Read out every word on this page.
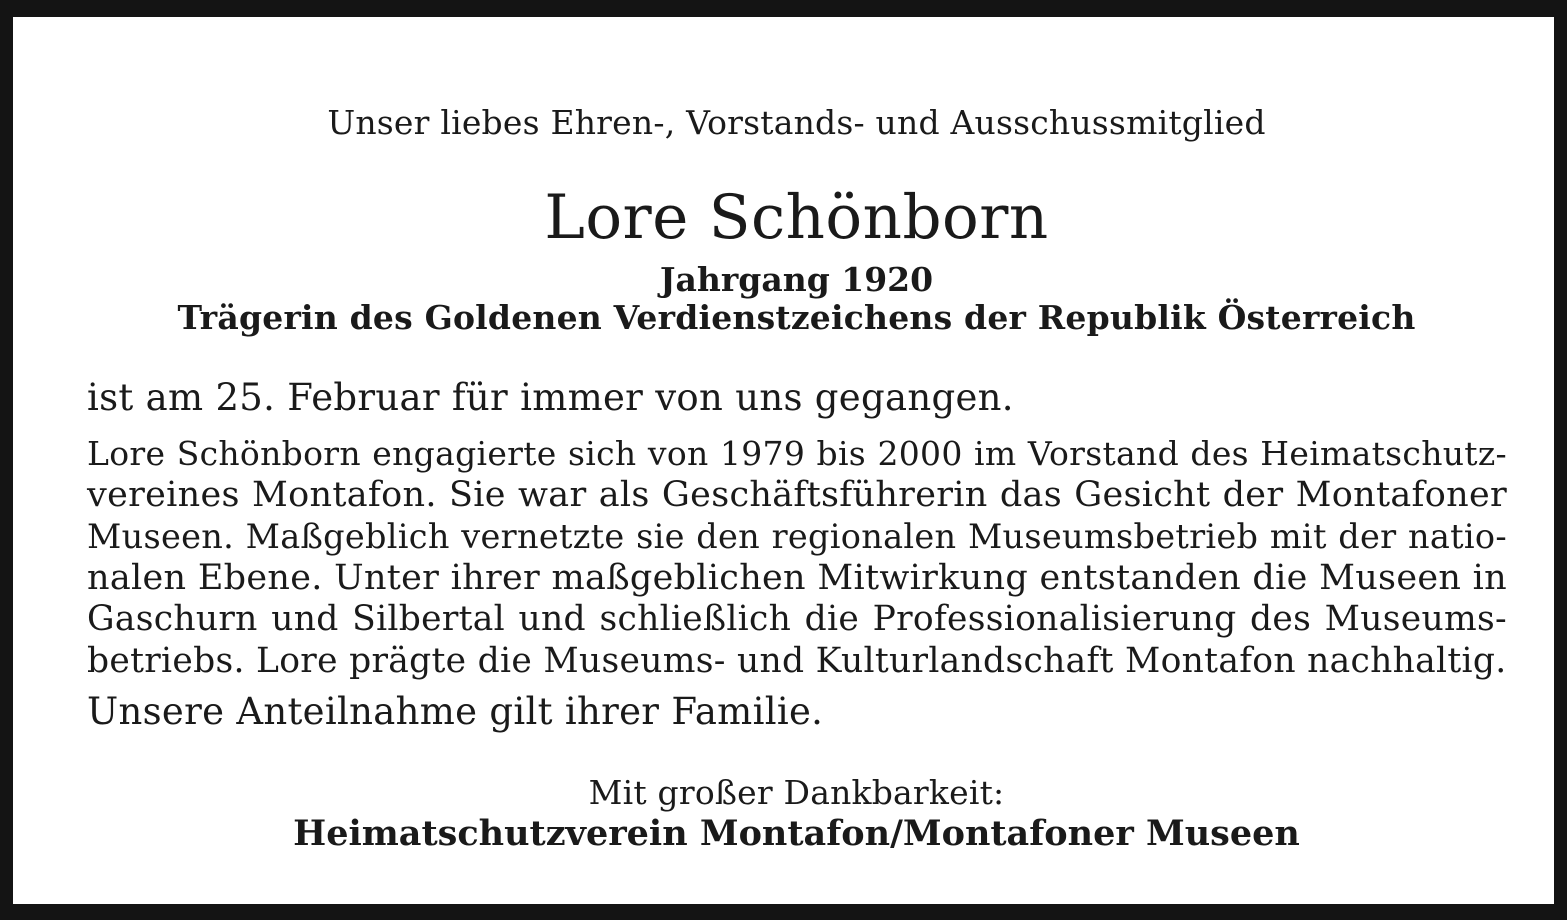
Unser liebes Ehren-, Vorstands- und Ausschussmitglied
Lore Schönborn
Jahrgang 1920
Trägerin des Goldenen Verdienstzeichens der Republik Österreich
ist am 25. Februar für immer von uns gegangen.
Lore Schönborn engagierte sich von 1979 bis 2000 im Vorstand des Heimatschutz-
vereines Montafon. Sie war als Geschäftsführerin das Gesicht der Montafoner
Museen. Maßgeblich vernetzte sie den regionalen Museumsbetrieb mit der natio-
nalen Ebene. Unter ihrer maßgeblichen Mitwirkung entstanden die Museen in
Gaschurn und Silbertal und schließlich die Professionalisierung des Museums-
betriebs. Lore prägte die Museums- und Kulturlandschaft Montafon nachhaltig.
Unsere Anteilnahme gilt ihrer Familie.
Mit großer Dankbarkeit:
Heimatschutzverein Montafon/Montafoner Museen
